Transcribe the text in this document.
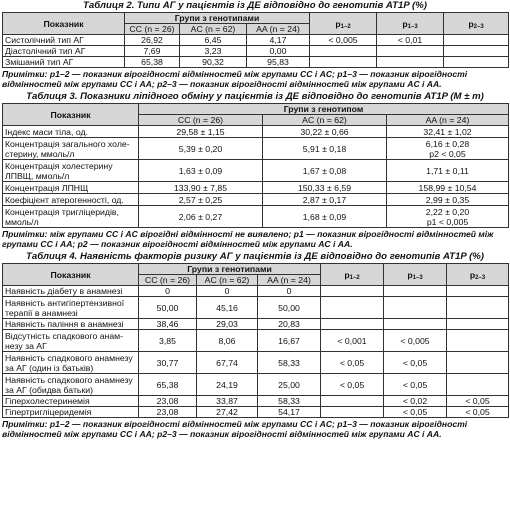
Таблиця 2. Типи АГ у пацієнтів із ДЕ відповідно до генотипів AT1P (%)
Показник	Групи з генотипами			$p_{1-2}$	$p_{1-3}$	$p_{2-3}$
	CC (n = 26)	AC (n = 62)	AA (n = 24)			
Систолічний тип АГ	26,92	6,45	4,17	< 0,005	< 0,01	
Діастолічний тип АГ	7,69	3,23	0,00			
Змішаний тип АГ	65,38	90,32	95,83			
Примітки: p1–2 — показник вірогідності відмінностей між групами CC і AC; p1–3 — показник вірогідності відмінностей між групами CC і AA; p2–3 — показник вірогідності відмінностей між групами AC і AA.
Таблиця 3. Показники ліпідного обміну у пацієнтів із ДЕ відповідно до генотипів AT1P (M ± m)
Показник	Групи з генотипом		
	CC (n = 26)	AC (n = 62)	AA (n = 24)
Індекс маси тіла, од.	29,58 ± 1,15	30,22 ± 0,66	32,41 ± 1,02

Концентрація загального холестерину, ммоль/л	5,39 ± 0,20	5,91 ± 0,18	6,16 ± 0,28
p2 < 0,05

Концентрація холестерину ЛПВЩ, ммоль/л	1,63 ± 0,09	1,67 ± 0,08	1,71 ± 0,11

Концентрація ЛПНЩ	133,90 ± 7,85	150,33 ± 6,59	158,99 ± 10,54

Коефіцієнт атерогенності, од.	2,57 ± 0,25	2,87 ± 0,17	2,99 ± 0,35

Концентрація тригліцеридів, ммоль/л	2,06 ± 0,27	1,68 ± 0,09	2,22 ± 0,20
p1 < 0,005
Примітки: між групами CC і AC вірогідні відмінності не виявлено; p1 — показник вірогідності відмінностей між групами CC і AA; p2 — показник вірогідності відмінностей між групами AC і AA.
Таблиця 4. Наявність факторів ризику АГ у пацієнтів із ДЕ відповідно до генотипів AT1P (%)
Показник	Групи з генотипами			$p_{1-2}$	$p_{1-3}$	$p_{2-3}$
	CC (n = 26)	AC (n = 62)	AA (n = 24)			
Наявність діабету в анамнезі	0	0	0			
Наявність антигіпертензивної терапії в анамнезі	50,00	45,16	50,00			
Наявність паління в анамнезі	38,46	29,03	20,83			
Відсутність спадкового анамнезу за АГ	3,85	8,06	16,67	< 0,001	< 0,005	
Наявність спадкового анамнезу за АГ (один із батьків)	30,77	67,74	58,33	< 0,05	< 0,05	
Наявність спадкового анамнезу за АГ (обидва батьки)	65,38	24,19	25,00	< 0,05	< 0,05	
Гіперхолестеринемія	23,08	33,87	58,33		< 0,02	< 0,05
Гіпертригліцеридемія	23,08	27,42	54,17		< 0,05	< 0,05
Примітки: p1–2 — показник вірогідності відмінностей між групами CC і AC; p1–3 — показник вірогідності відмінностей між групами CC і AA; p2–3 — показник вірогідності відмінностей між групами AC і AA.
